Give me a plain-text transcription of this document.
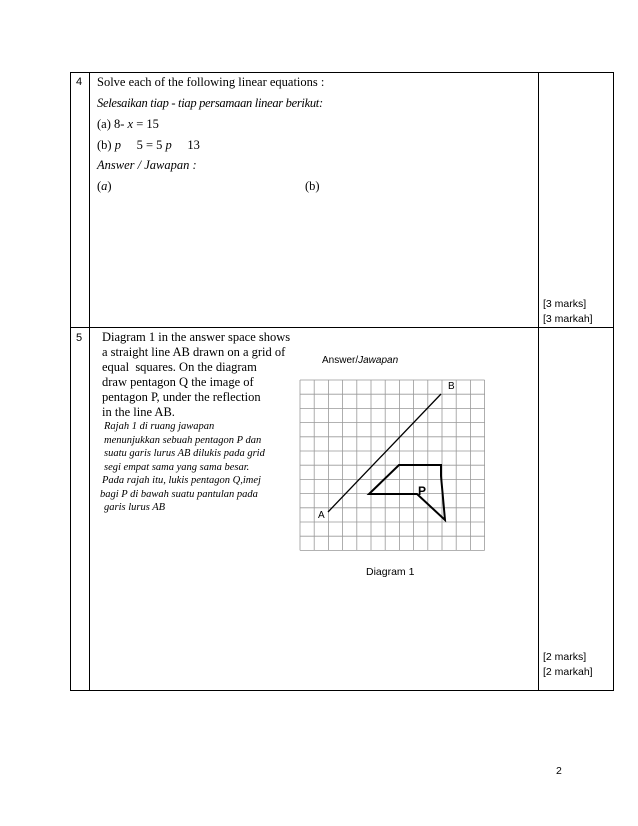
4 Solve each of the following linear equations :
Selesaikan tiap - tiap persamaan linear berikut:
(a) 8- x = 15
(b) p     5 = 5 p     13
Answer / Jawapan :
(a)	(b)
[3 marks]
[3 markah]
5 Diagram 1 in the answer space shows
a straight line AB drawn on a grid of
equal  squares. On the diagram
draw pentagon Q the image of
pentagon P, under the reflection
in the line AB.
Rajah 1 di ruang jawapan
menunjukkan sebuah pentagon P dan
suatu garis lurus AB dilukis pada grid
segi empat sama yang sama besar.
Pada rajah itu, lukis pentagon Q,imej
bagi P di bawah suatu pantulan pada
garis lurus AB
Answer/Jawapan
A
B
P
Diagram 1
[2 marks]
[2 markah]
2
